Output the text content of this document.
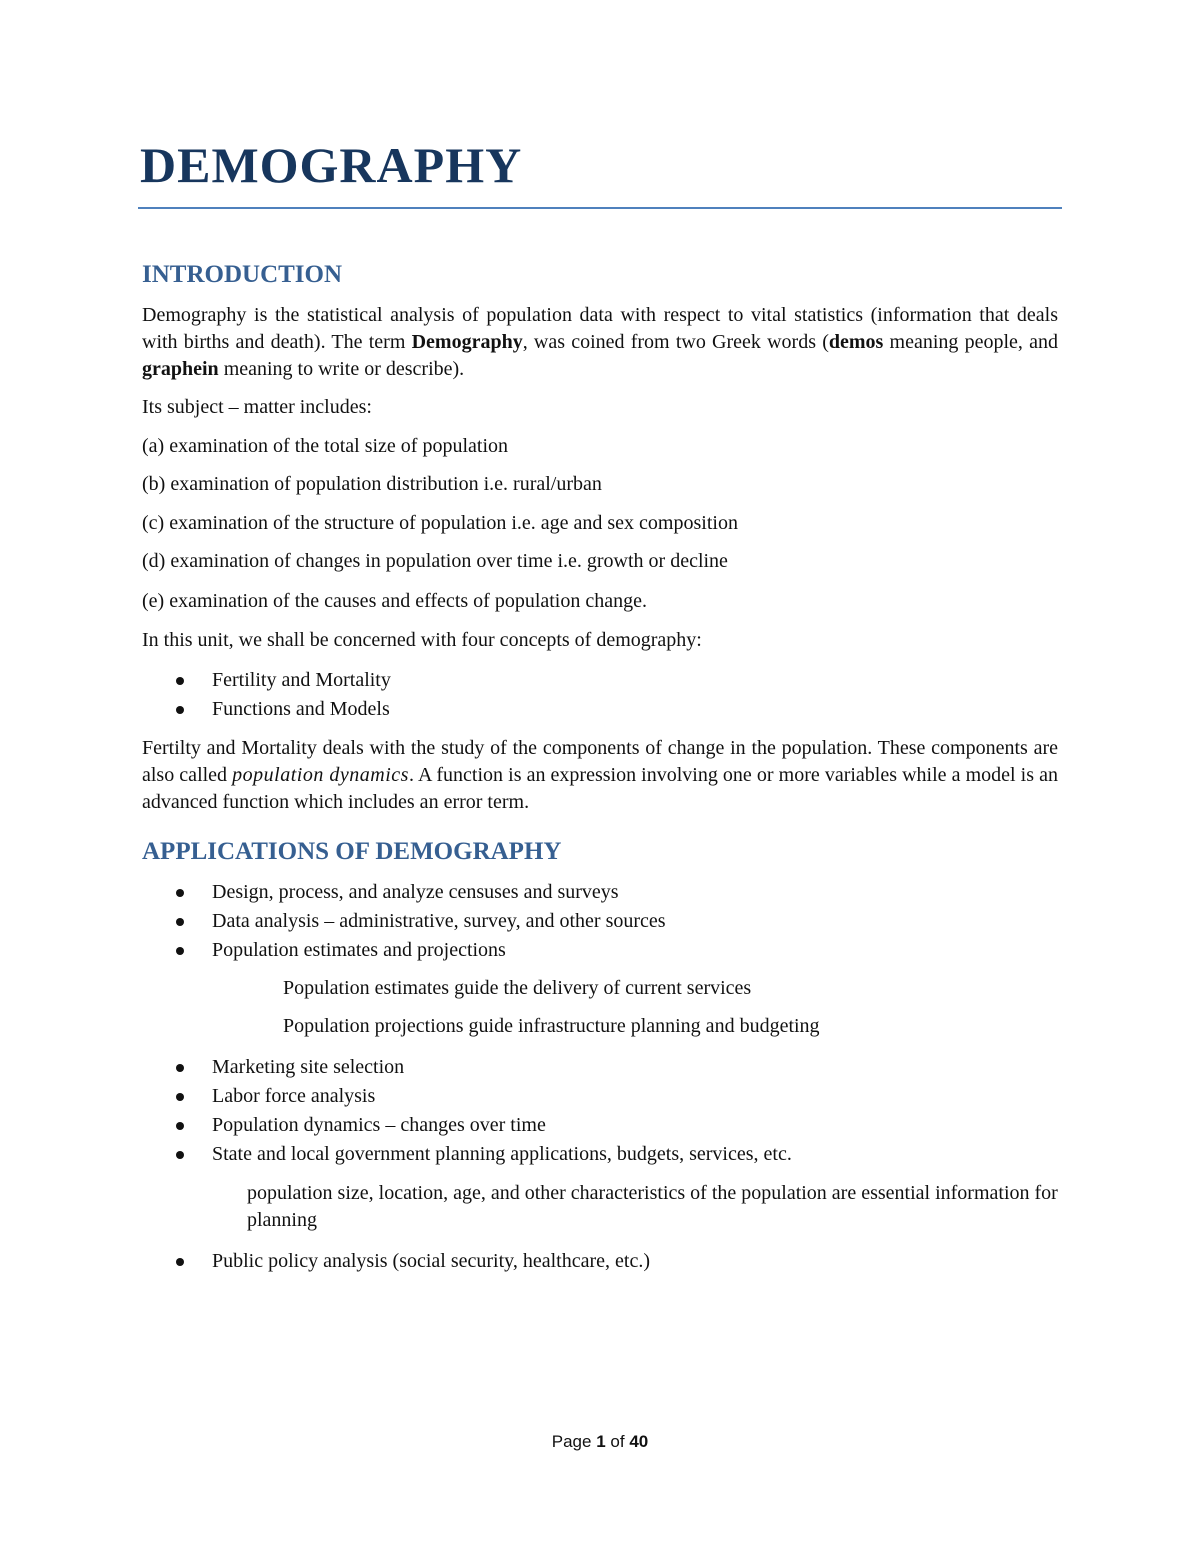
DEMOGRAPHY
INTRODUCTION
Demography is the statistical analysis of population data with respect to vital statistics (information that deals with births and death). The term Demography, was coined from two Greek words (demos meaning people, and graphein meaning to write or describe).
Its subject – matter includes:
(a) examination of the total size of population
(b) examination of population distribution i.e. rural/urban
(c) examination of the structure of population i.e. age and sex composition
(d) examination of changes in population over time i.e. growth or decline
(e) examination of the causes and effects of population change.
In this unit, we shall be concerned with four concepts of demography:
Fertility and Mortality
Functions and Models
Fertilty and Mortality deals with the study of the components of change in the population. These components are also called population dynamics. A function is an expression involving one or more variables while a model is an advanced function which includes an error term.
APPLICATIONS OF DEMOGRAPHY
Design, process, and analyze censuses and surveys
Data analysis – administrative, survey, and other sources
Population estimates and projections
Population estimates guide the delivery of current services
Population projections guide infrastructure planning and budgeting
Marketing site selection
Labor force analysis
Population dynamics – changes over time
State and local government planning applications, budgets, services, etc.
population size, location, age, and other characteristics of the population are essential information for planning
Public policy analysis (social security, healthcare, etc.)
Page 1 of 40
